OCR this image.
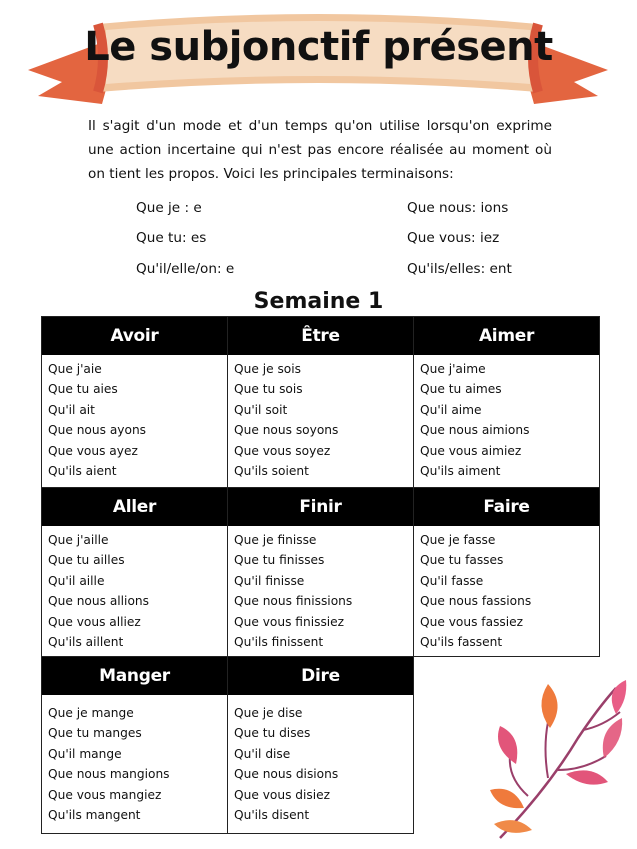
Le subjonctif présent

Il s'agit d'un mode et d'un temps qu'on utilise lorsqu'on exprime une action incertaine qui n'est pas encore réalisée au moment où on tient les propos. Voici les principales terminaisons:

Que je : e
Que tu: es
Qu'il/elle/on: e
Que nous: ions
Que vous: iez
Qu'ils/elles: ent
Semaine 1
Avoir
Que j'aie
Que tu aies
Qu'il ait
Que nous ayons
Que vous ayez
Qu'ils aient
Être
Que je sois
Que tu sois
Qu'il soit
Que nous soyons
Que vous soyez
Qu'ils soient
Aimer
Que j'aime
Que tu aimes
Qu'il aime
Que nous aimions
Que vous aimiez
Qu'ils aiment
Aller
Que j'aille
Que tu ailles
Qu'il aille
Que nous allions
Que vous alliez
Qu'ils aillent
Finir
Que je finisse
Que tu finisses
Qu'il finisse
Que nous finissions
Que vous finissiez
Qu'ils finissent
Faire
Que je fasse
Que tu fasses
Qu'il fasse
Que nous fassions
Que vous fassiez
Qu'ils fassent
Manger
Que je mange
Que tu manges
Qu'il mange
Que nous mangions
Que vous mangiez
Qu'ils mangent
Dire
Que je dise
Que tu dises
Qu'il dise
Que nous disions
Que vous disiez
Qu'ils disent
